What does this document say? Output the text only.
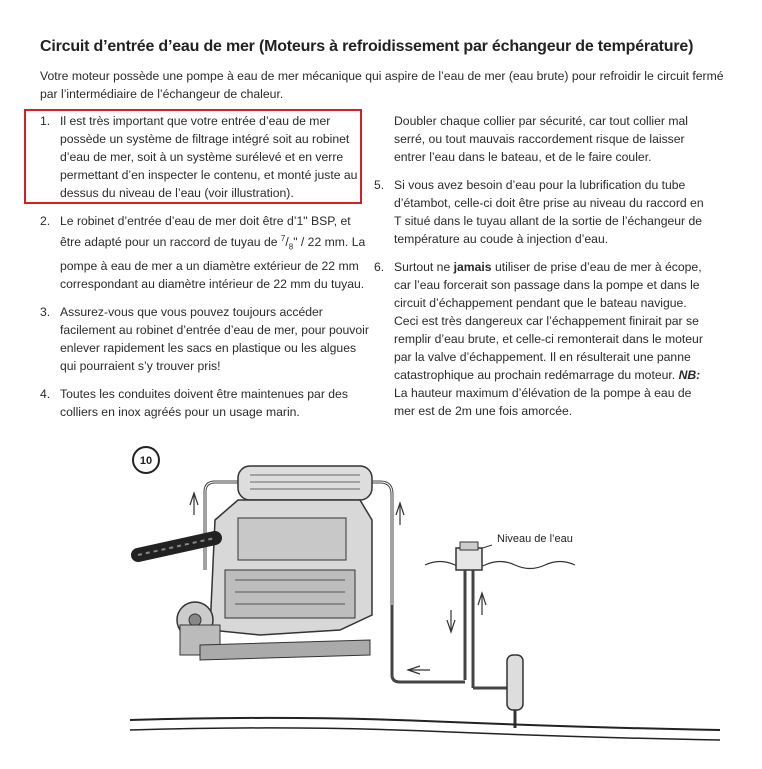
Circuit d’entrée d’eau de mer (Moteurs à refroidissement par échangeur de température)
Votre moteur possède une pompe à eau de mer mécanique qui aspire de l’eau de mer (eau brute) pour refroidir le circuit fermé par l’intermédiaire de l’échangeur de chaleur.
1. Il est très important que votre entrée d’eau de mer possède un système de filtrage intégré soit au robinet d’eau de mer, soit à un système surélevé et en verre permettant d’en inspecter le contenu, et monté juste au dessus du niveau de l’eau (voir illustration).
2. Le robinet d’entrée d’eau de mer doit être d’1" BSP, et être adapté pour un raccord de tuyau de $^7/_8$" / 22 mm. La pompe à eau de mer a un diamètre extérieur de 22 mm correspondant au diamètre intérieur de 22 mm du tuyau.
3. Assurez-vous que vous pouvez toujours accéder facilement au robinet d’entrée d’eau de mer, pour pouvoir enlever rapidement les sacs en plastique ou les algues qui pourraient s’y trouver pris!
4. Toutes les conduites doivent être maintenues par des colliers en inox agréés pour un usage marin.
Doubler chaque collier par sécurité, car tout collier mal serré, ou tout mauvais raccordement risque de laisser entrer l’eau dans le bateau, et de le faire couler.
5. Si vous avez besoin d’eau pour la lubrification du tube d’étambot, celle-ci doit être prise au niveau du raccord en T situé dans le tuyau allant de la sortie de l’échangeur de température au coude à injection d’eau.
6. Surtout ne jamais utiliser de prise d’eau de mer à écope, car l’eau forcerait son passage dans la pompe et dans le circuit d’échappement pendant que le bateau navigue. Ceci est très dangereux car l’échappement finirait par se remplir d’eau brute, et celle-ci remonterait dans le moteur par la valve d’échappement. Il en résulterait une panne catastrophique au prochain redémarrage du moteur. NB: La hauteur maximum d’élévation de la pompe à eau de mer est de 2m une fois amorcée.
10
Niveau de l’eau
